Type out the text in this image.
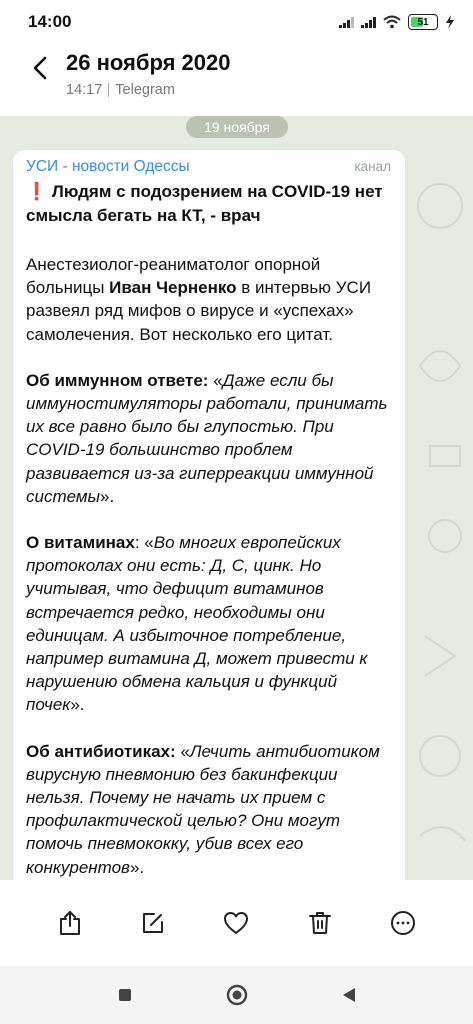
14:00	51
26 ноября 2020
14:17 Telegram
19 ноября
УСИ - новости Одессы	канал
❗ Людям с подозрением на COVID-19 нет смысла бегать на КТ, - врач

Анестезиолог-реаниматолог опорной больницы Иван Черненко в интервью УСИ развеял ряд мифов о вирусе и «успехах» самолечения. Вот несколько его цитат.

Об иммунном ответе: «Даже если бы иммуностимуляторы работали, принимать их все равно было бы глупостью. При COVID-19 большинство проблем развивается из-за гиперреакции иммунной системы».

О витаминах: «Во многих европейских протоколах они есть: Д, С, цинк. Но учитывая, что дефицит витаминов встречается редко, необходимы они единицам. А избыточное потребление, например витамина Д, может привести к нарушению обмена кальция и функций почек».

Об антибиотиках: «Лечить антибиотиком вирусную пневмонию без бакинфекции нельзя. Почему не начать их прием с профилактической целью? Они могут помочь пневмококку, убив всех его конкурентов».
